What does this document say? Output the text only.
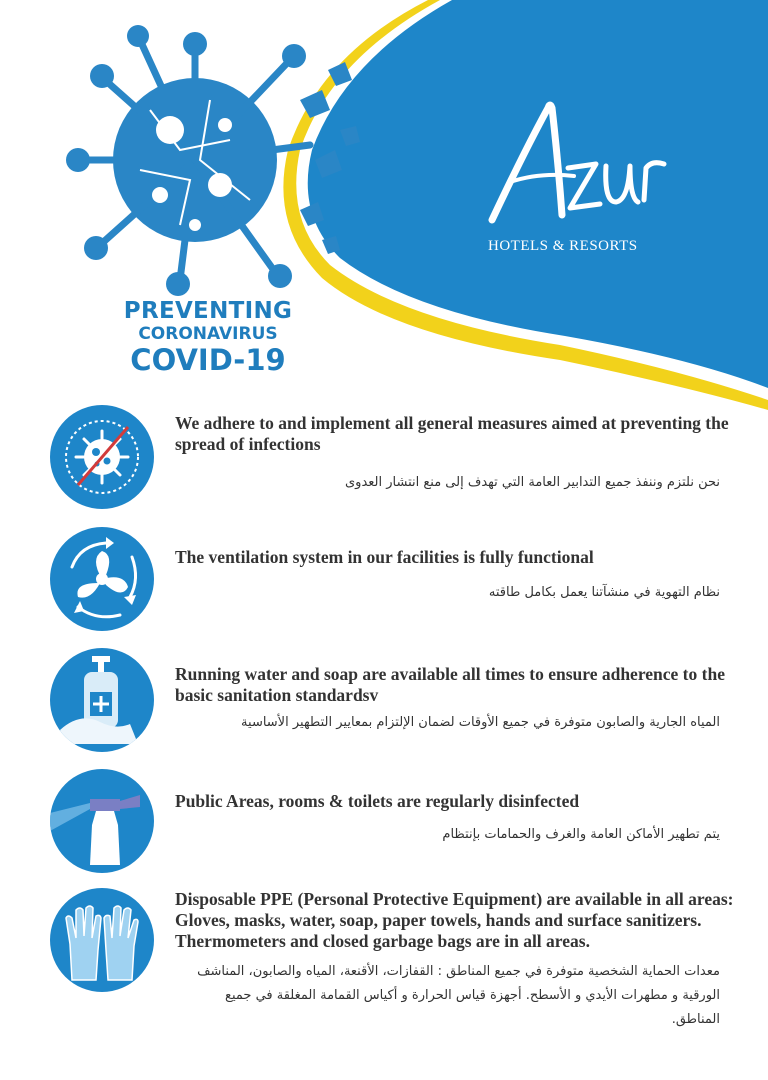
HOTELS & RESORTS
PREVENTING
CORONAVIRUS
COVID-19
We adhere to and implement all general measures aimed at preventing the spread of infections
نحن نلتزم وننفذ جميع التدابير العامة التي تهدف إلى منع انتشار العدوى
The ventilation system in our facilities is fully functional
نظام التهوية في منشآتنا يعمل بكامل طاقته
Running water and soap are available all times to ensure adherence to the basic sanitation standardsv
المياه الجارية والصابون متوفرة في جميع الأوقات لضمان الإلتزام بمعايير التطهير الأساسية
Public Areas, rooms & toilets are regularly disinfected
يتم تطهير الأماكن العامة والغرف والحمامات بإنتظام
Disposable PPE (Personal Protective Equipment) are available in all areas: Gloves, masks, water, soap, paper towels, hands and surface sanitizers. Thermometers and closed garbage bags are in all areas.
معدات الحماية الشخصية متوفرة في جميع المناطق : القفازات، الأقنعة، المياه والصابون، المناشف الورقية و مطهرات الأيدي و الأسطح. أجهزة قياس الحرارة و أكياس القمامة المغلقة في جميع المناطق.
